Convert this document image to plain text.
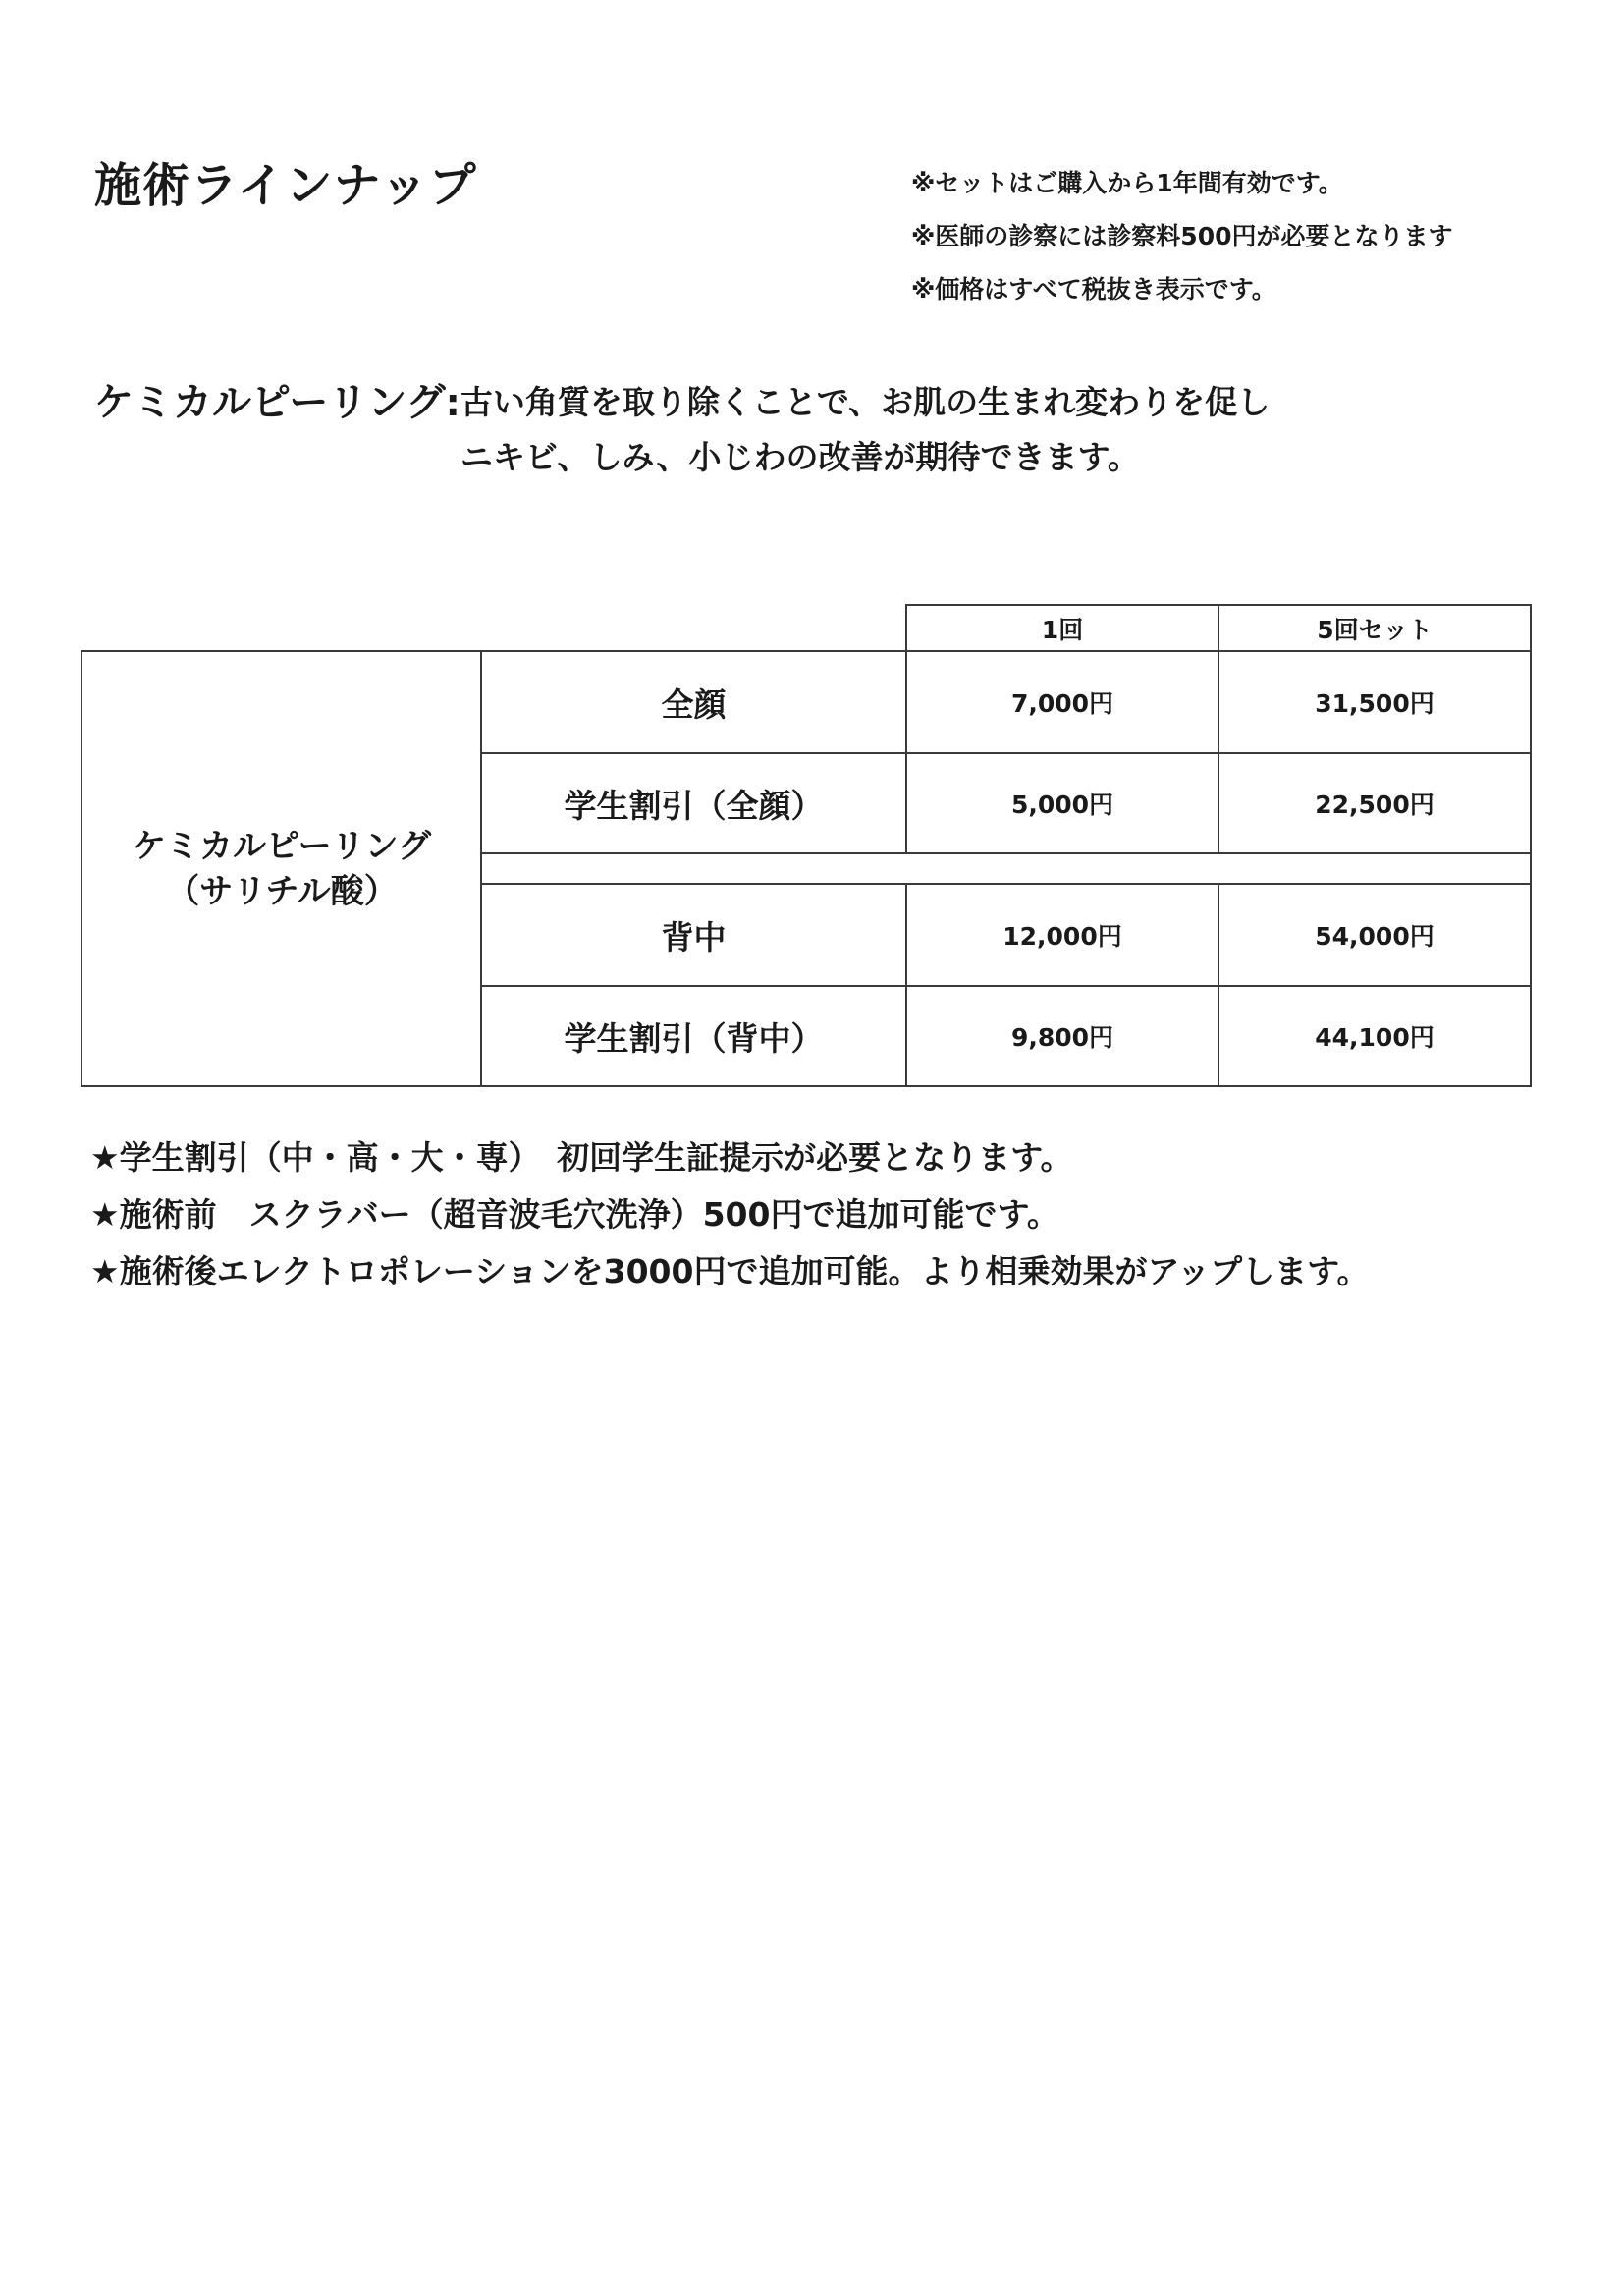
施術ラインナップ	※セットはご購入から1年間有効です。
※医師の診察には診察料500円が必要となります
※価格はすべて税抜き表示です。
ケミカルピーリング:古い角質を取り除くことで、お肌の生まれ変わりを促し
ニキビ、しみ、小じわの改善が期待できます。
1回	5回セット
ケミカルピーリング
（サリチル酸）
全顔	7,000円	31,500円
学生割引（全顔）	5,000円	22,500円
背中	12,000円	54,000円
学生割引（背中）	9,800円	44,100円
★学生割引（中・高・大・専）　初回学生証提示が必要となります。
★施術前　スクラバー（超音波毛穴洗浄）500円で追加可能です。
★施術後エレクトロポレーションを3000円で追加可能。より相乗効果がアップします。
